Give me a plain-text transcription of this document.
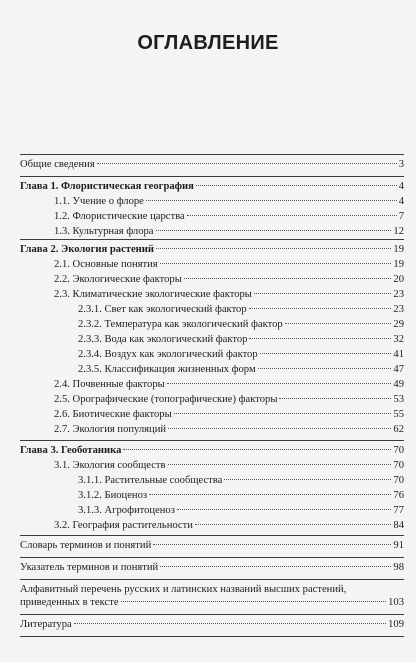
ОГЛАВЛЕНИЕ
Общие сведения	3
Глава 1. Флористическая география	4
1.1. Учение о флоре	4
1.2. Флористические царства	7
1.3. Культурная флора	12
Глава 2. Экология растений	19
2.1. Основные понятия	19
2.2. Экологические факторы	20
2.3. Климатические экологические факторы	23
2.3.1. Свет как экологический фактор	23
2.3.2. Температура как экологический фактор	29
2.3.3. Вода как экологический фактор	32
2.3.4. Воздух как экологический фактор	41
2.3.5. Классификация жизненных форм	47
2.4. Почвенные факторы	49
2.5. Орографические (топографические) факторы	53
2.6. Биотические факторы	55
2.7. Экология популяций	62
Глава 3. Геоботаника	70
3.1. Экология сообществ	70
3.1.1. Растительные сообщества	70
3.1.2. Биоценоз	76
3.1.3. Агрофитоценоз	77
3.2. География растительности	84
Словарь терминов и понятий	91
Указатель терминов и понятий	98
Алфавитный перечень русских и латинских названий высших растений,
приведенных в тексте	103
Литература	109
